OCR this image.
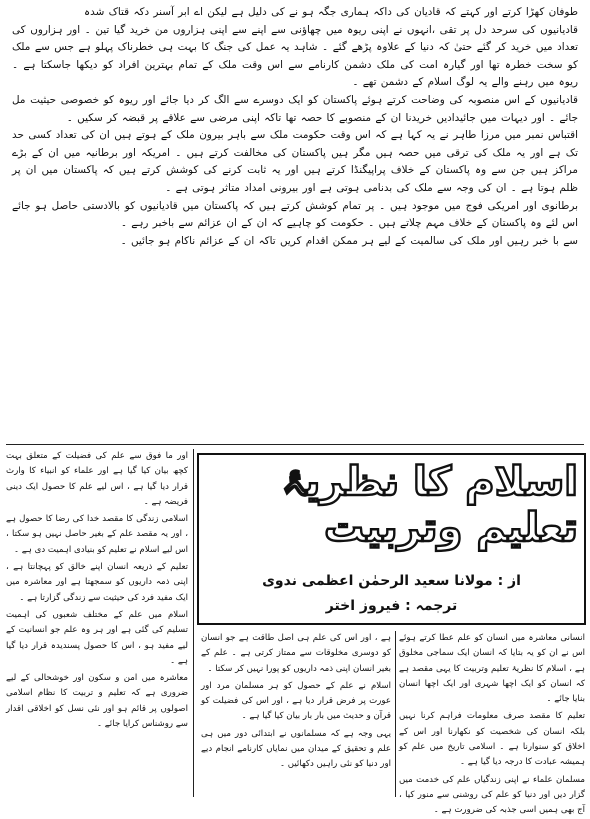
طوفان کھڑا کرتے اور کہتے کہ قادیان کی داکہ ہماری جگہ ہو نے کی دلیل ہے لیکن اے ابر آسنر دکہ قتاک شدہ

قادیانیوں کی سرحد دل پر تقی ،انہوں نے اپنی ریوہ میں چھاؤنی سے اپنے سے اپنی ہزاروں من خرید گیا تین ۔ اور ہزاروں کی تعداد میں خرید کر گئے حتیٰ کہ دنیا کے علاوہ پڑھے گئے ۔ شاہد یہ عمل کی جنگ کا بہت ہی خطرناک پہلو ہے جس سے ملک کو سخت خطرہ تھا اور گیارہ امت کی ملک دشمن کارنامے سے اس وقت ملک کے تمام بہترین افراد کو دیکھا جاسکتا ہے ۔ ریوہ میں رہنے والے یہ لوگ اسلام کے دشمن تھے ۔

قادیانیوں کے اس منصوبہ کی وضاحت کرتے ہوئے پاکستان کو ایک دوسرے سے الگ کر دیا جائے اور ریوہ کو خصوصی حیثیت مل جائے ۔ اور دیہات میں جائیدادیں خریدنا ان کے منصوبے کا حصہ تھا تاکہ اپنی مرضی سے علاقے پر قبضہ کر سکیں ۔

اقتباس نمبر میں مرزا طاہر نے یہ کہا ہے کہ اس وقت حکومت ملک سے باہر بیرون ملک کے ہوتے ہیں ان کی تعداد کسی حد تک ہے اور یہ ملک کی ترقی میں حصہ ہیں مگر ہیں پاکستان کی مخالفت کرتے ہیں ۔ امریکہ اور برطانیہ میں ان کے بڑے مراکز ہیں جن سے وہ پاکستان کے خلاف پراپیگنڈا کرتے ہیں اور یہ ثابت کرنے کی کوشش کرتے ہیں کہ پاکستان میں ان پر ظلم ہوتا ہے ۔ ان کی وجہ سے ملک کی بدنامی ہوتی ہے اور بیرونی امداد متاثر ہوتی ہے ۔

برطانوی اور امریکی فوج میں موجود ہیں ۔ پر تمام کوشش کرتے ہیں کہ پاکستان میں قادیانیوں کو بالادستی حاصل ہو جائے اس لئے وہ پاکستان کے خلاف مہم چلاتے ہیں ۔ حکومت کو چاہیے کہ ان کے ان عزائم سے باخبر رہے ۔

سے با خبر رہیں اور ملک کی سالمیت کے لیے ہر ممکن اقدام کریں تاکہ ان کے عزائم ناکام ہو جائیں ۔

اسلام کا نظریۂ تعلیم وتربیت
از : مولانا سعید الرحمٰن اعظمی ندوی
ترجمہ : فیروز اختر

اور ما فوق سے علم کی فضیلت کے متعلق بہت کچھ بیان کیا گیا ہے اور علماء کو انبیاء کا وارث قرار دیا گیا ہے ، اس لیے علم کا حصول ایک دینی فریضہ ہے ۔

اسلامی زندگی کا مقصد خدا کی رضا کا حصول ہے ، اور یہ مقصد علم کے بغیر حاصل نہیں ہو سکتا ، اس لیے اسلام نے تعلیم کو بنیادی اہمیت دی ہے ۔

تعلیم کے ذریعہ انسان اپنے خالق کو پہچانتا ہے ، اپنی ذمہ داریوں کو سمجھتا ہے اور معاشرہ میں ایک مفید فرد کی حیثیت سے زندگی گزارتا ہے ۔

اسلام میں علم کے مختلف شعبوں کی اہمیت تسلیم کی گئی ہے اور ہر وہ علم جو انسانیت کے لیے مفید ہو ، اس کا حصول پسندیدہ قرار دیا گیا ہے ۔

معاشرہ میں امن و سکون اور خوشحالی کے لیے ضروری ہے کہ تعلیم و تربیت کا نظام اسلامی اصولوں پر قائم ہو اور نئی نسل کو اخلاقی اقدار سے روشناس کرایا جائے ۔

انسانی معاشرہ میں انسان کو علم عطا کرتے ہوئے اس نے ان کو یہ بتایا کہ انسان ایک سماجی مخلوق ہے ، اسلام کا نظریۂ تعلیم وتربیت کا یہی مقصد ہے کہ انسان کو ایک اچھا شہری اور ایک اچھا انسان بنایا جائے ۔

تعلیم کا مقصد صرف معلومات فراہم کرنا نہیں بلکہ انسان کی شخصیت کو نکھارنا اور اس کے اخلاق کو سنوارنا ہے ۔ اسلامی تاریخ میں علم کو ہمیشہ عبادت کا درجہ دیا گیا ہے ۔

مسلمان علماء نے اپنی زندگیاں علم کی خدمت میں گزار دیں اور دنیا کو علم کی روشنی سے منور کیا ، آج بھی ہمیں اسی جذبہ کی ضرورت ہے ۔

ہے ، اور اس کی علم ہی اصل طاقت ہے جو انسان کو دوسری مخلوقات سے ممتاز کرتی ہے ۔ علم کے بغیر انسان اپنی ذمہ داریوں کو پورا نہیں کر سکتا ۔

اسلام نے علم کے حصول کو ہر مسلمان مرد اور عورت پر فرض قرار دیا ہے ، اور اس کی فضیلت کو قرآن و حدیث میں بار بار بیان کیا گیا ہے ۔

یہی وجہ ہے کہ مسلمانوں نے ابتدائی دور میں ہی علم و تحقیق کے میدان میں نمایاں کارنامے انجام دیے اور دنیا کو نئی راہیں دکھائیں ۔
